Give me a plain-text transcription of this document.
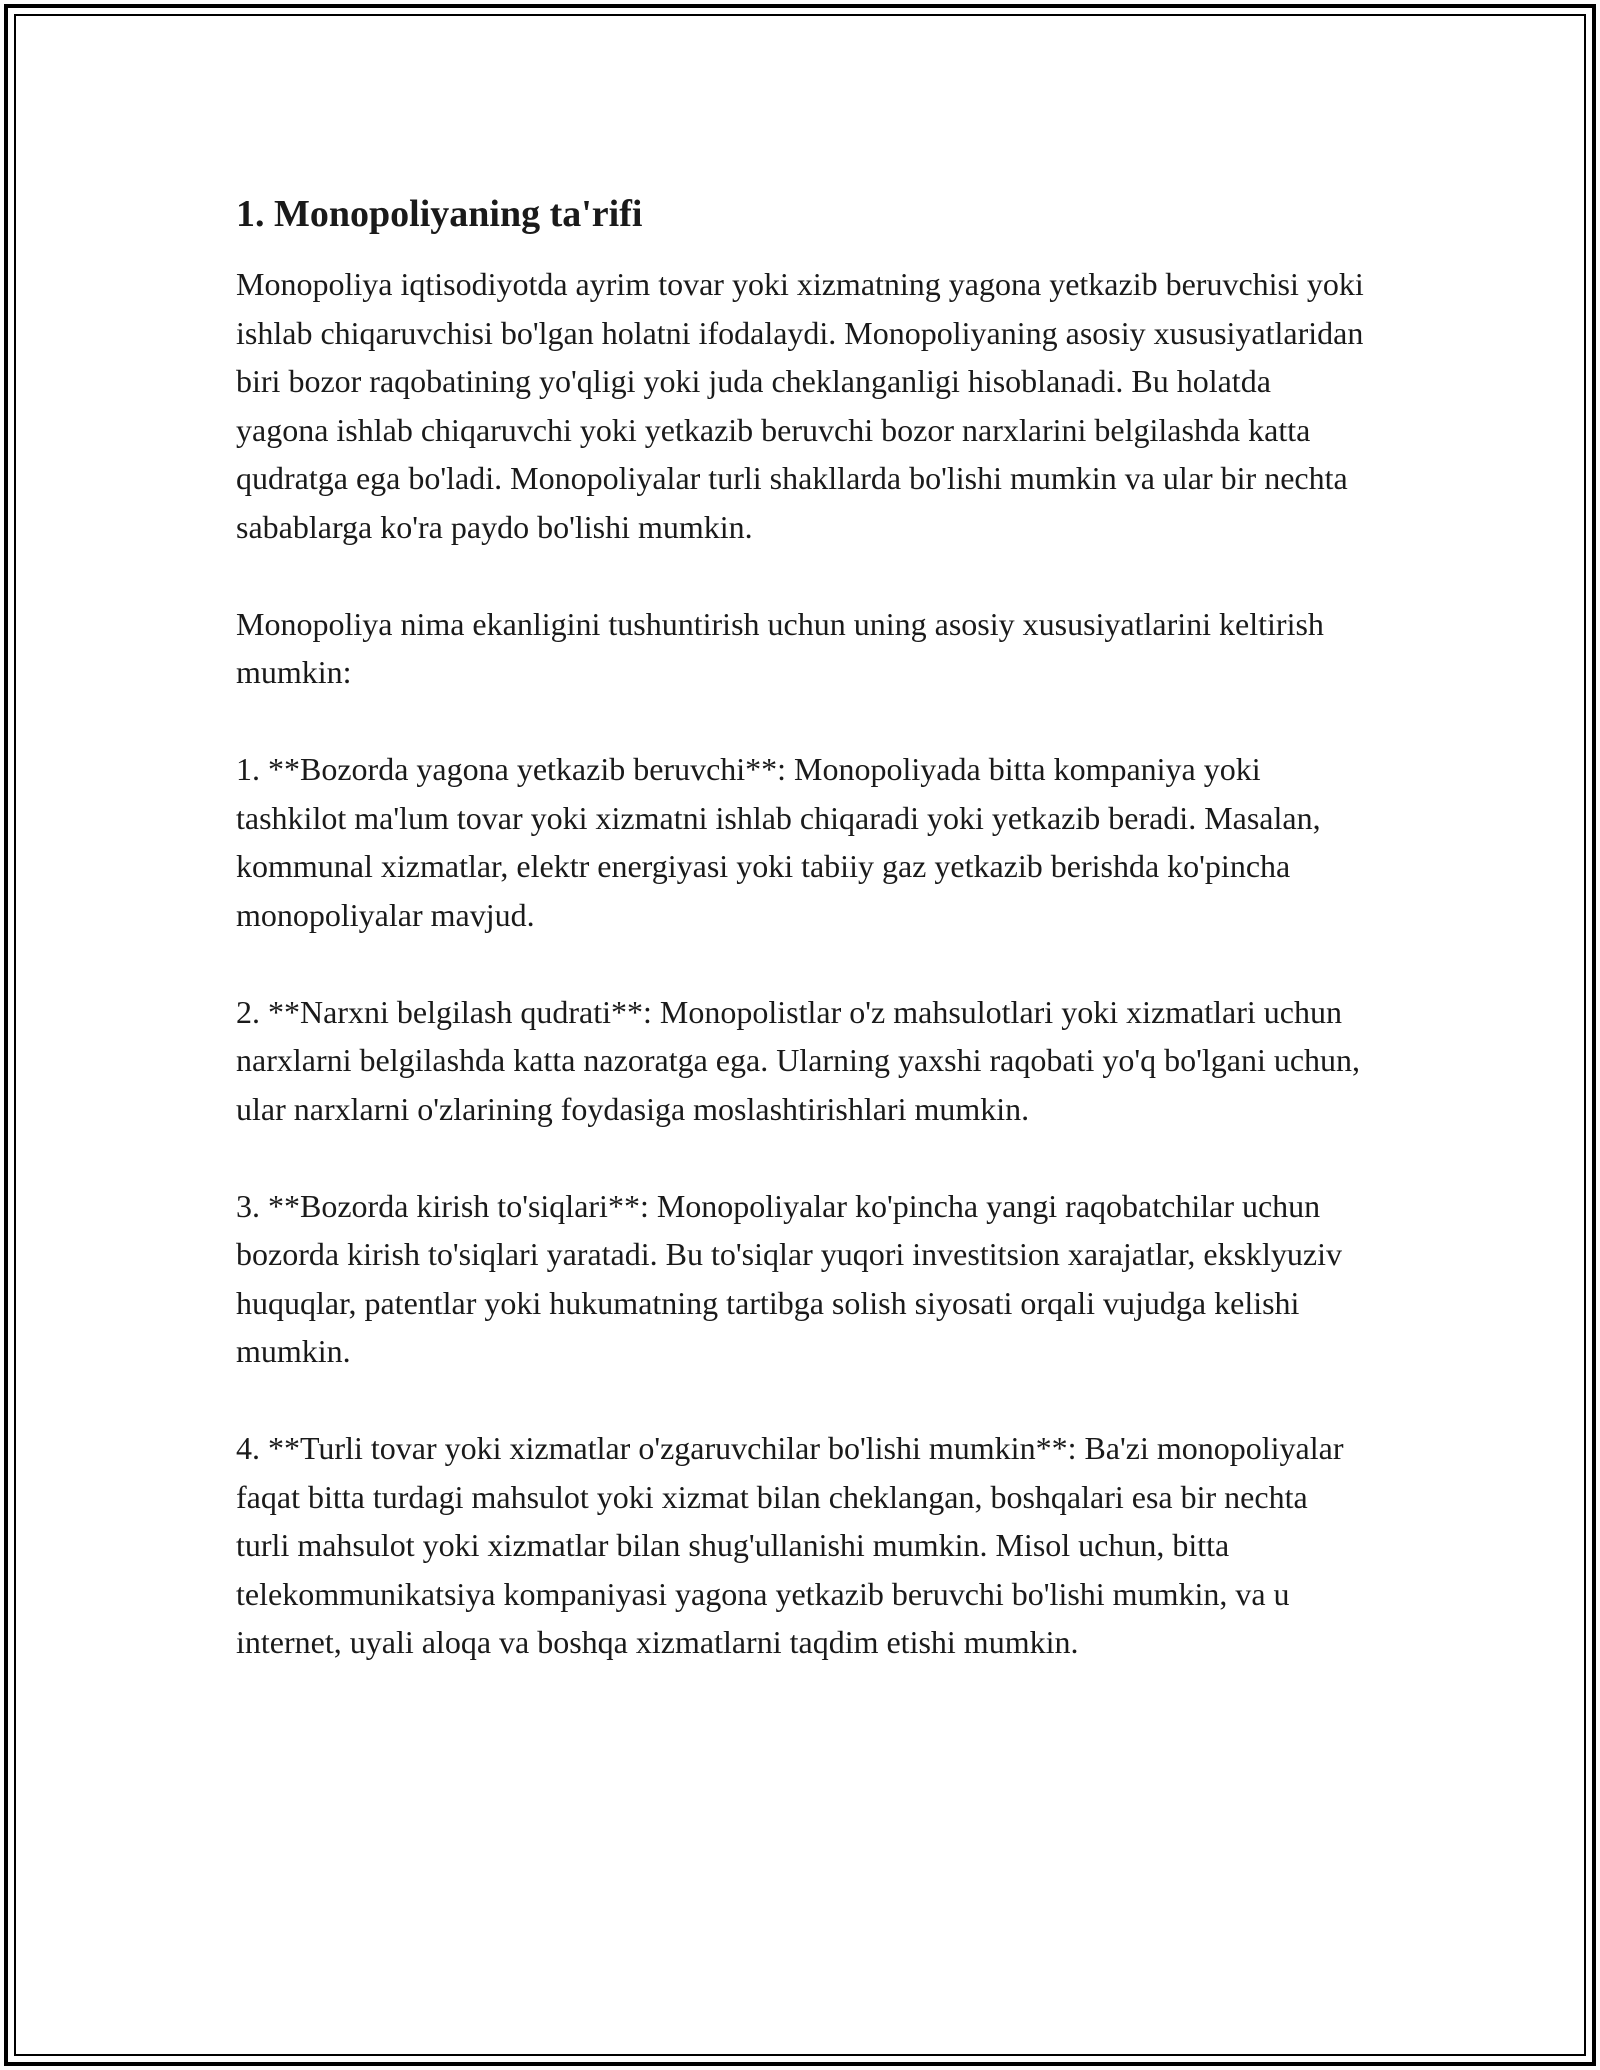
1. Monopoliyaning ta'rifi

Monopoliya iqtisodiyotda ayrim tovar yoki xizmatning yagona yetkazib beruvchisi yoki ishlab chiqaruvchisi bo'lgan holatni ifodalaydi. Monopoliyaning asosiy xususiyatlaridan biri bozor raqobatining yo'qligi yoki juda cheklanganligi hisoblanadi. Bu holatda yagona ishlab chiqaruvchi yoki yetkazib beruvchi bozor narxlarini belgilashda katta qudratga ega bo'ladi. Monopoliyalar turli shakllarda bo'lishi mumkin va ular bir nechta sabablarga ko'ra paydo bo'lishi mumkin.

Monopoliya nima ekanligini tushuntirish uchun uning asosiy xususiyatlarini keltirish mumkin:

1. **Bozorda yagona yetkazib beruvchi**: Monopoliyada bitta kompaniya yoki tashkilot ma'lum tovar yoki xizmatni ishlab chiqaradi yoki yetkazib beradi. Masalan, kommunal xizmatlar, elektr energiyasi yoki tabiiy gaz yetkazib berishda ko'pincha monopoliyalar mavjud.

2. **Narxni belgilash qudrati**: Monopolistlar o'z mahsulotlari yoki xizmatlari uchun narxlarni belgilashda katta nazoratga ega. Ularning yaxshi raqobati yo'q bo'lgani uchun, ular narxlarni o'zlarining foydasiga moslashtirishlari mumkin.

3. **Bozorda kirish to'siqlari**: Monopoliyalar ko'pincha yangi raqobatchilar uchun bozorda kirish to'siqlari yaratadi. Bu to'siqlar yuqori investitsion xarajatlar, eksklyuziv huquqlar, patentlar yoki hukumatning tartibga solish siyosati orqali vujudga kelishi mumkin.

4. **Turli tovar yoki xizmatlar o'zgaruvchilar bo'lishi mumkin**: Ba'zi monopoliyalar faqat bitta turdagi mahsulot yoki xizmat bilan cheklangan, boshqalari esa bir nechta turli mahsulot yoki xizmatlar bilan shug'ullanishi mumkin. Misol uchun, bitta telekommunikatsiya kompaniyasi yagona yetkazib beruvchi bo'lishi mumkin, va u internet, uyali aloqa va boshqa xizmatlarni taqdim etishi mumkin.
